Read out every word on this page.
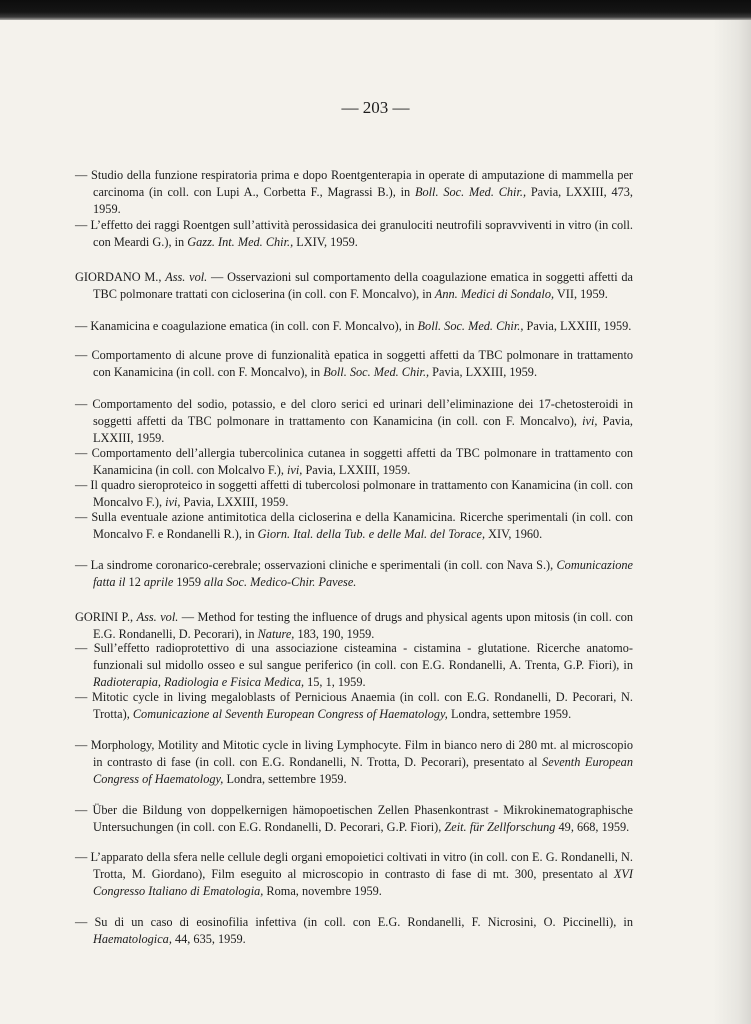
— 203 —

— Studio della funzione respiratoria prima e dopo Roentgenterapia in operate di amputazione di mammella per carcinoma (in coll. con Lupi A., Corbetta F., Magrassi B.), in Boll. Soc. Med. Chir., Pavia, LXXIII, 473, 1959.

— L’effetto dei raggi Roentgen sull’attività perossidasica dei granulociti neutrofili sopravviventi in vitro (in coll. con Meardi G.), in Gazz. Int. Med. Chir., LXIV, 1959.

GIORDANO M., Ass. vol. — Osservazioni sul comportamento della coagulazione ematica in soggetti affetti da TBC polmonare trattati con cicloserina (in coll. con F. Moncalvo), in Ann. Medici di Sondalo, VII, 1959.

— Kanamicina e coagulazione ematica (in coll. con F. Moncalvo), in Boll. Soc. Med. Chir., Pavia, LXXIII, 1959.

— Comportamento di alcune prove di funzionalità epatica in soggetti affetti da TBC polmonare in trattamento con Kanamicina (in coll. con F. Moncalvo), in Boll. Soc. Med. Chir., Pavia, LXXIII, 1959.

— Comportamento del sodio, potassio, e del cloro serici ed urinari dell’eliminazione dei 17-chetosteroidi in soggetti affetti da TBC polmonare in trattamento con Kanamicina (in coll. con F. Moncalvo), ivi, Pavia, LXXIII, 1959.

— Comportamento dell’allergia tubercolinica cutanea in soggetti affetti da TBC polmonare in trattamento con Kanamicina (in coll. con Molcalvo F.), ivi, Pavia, LXXIII, 1959.

— Il quadro sieroproteico in soggetti affetti di tubercolosi polmonare in trattamento con Kanamicina (in coll. con Moncalvo F.), ivi, Pavia, LXXIII, 1959.

— Sulla eventuale azione antimitotica della cicloserina e della Kanamicina. Ricerche sperimentali (in coll. con Moncalvo F. e Rondanelli R.), in Giorn. Ital. della Tub. e delle Mal. del Torace, XIV, 1960.

— La sindrome coronarico-cerebrale; osservazioni cliniche e sperimentali (in coll. con Nava S.), Comunicazione fatta il 12 aprile 1959 alla Soc. Medico-Chir. Pavese.

GORINI P., Ass. vol. — Method for testing the influence of drugs and physical agents upon mitosis (in coll. con E.G. Rondanelli, D. Pecorari), in Nature, 183, 190, 1959.

— Sull’effetto radioprotettivo di una associazione cisteamina - cistamina - glutatione. Ricerche anatomo- funzionali sul midollo osseo e sul sangue periferico (in coll. con E.G. Rondanelli, A. Trenta, G.P. Fiori), in Radioterapia, Radiologia e Fisica Medica, 15, 1, 1959.

— Mitotic cycle in living megaloblasts of Pernicious Anaemia (in coll. con E.G. Rondanelli, D. Pecorari, N. Trotta), Comunicazione al Seventh European Congress of Haematology, Londra, settembre 1959.

— Morphology, Motility and Mitotic cycle in living Lymphocyte. Film in bianco nero di 280 mt. al microscopio in contrasto di fase (in coll. con E.G. Rondanelli, N. Trotta, D. Pecorari), presentato al Seventh European Congress of Haematology, Londra, settembre 1959.

— Über die Bildung von doppelkernigen hämopoetischen Zellen Phasenkontrast - Mikrokinematographische Untersuchungen (in coll. con E.G. Rondanelli, D. Pecorari, G.P. Fiori), Zeit. für Zellforschung 49, 668, 1959.

— L’apparato della sfera nelle cellule degli organi emopoietici coltivati in vitro (in coll. con E. G. Rondanelli, N. Trotta, M. Giordano), Film eseguito al microscopio in contrasto di fase di mt. 300, presentato al XVI Congresso Italiano di Ematologia, Roma, novembre 1959.

— Su di un caso di eosinofilia infettiva (in coll. con E.G. Rondanelli, F. Nicrosini, O. Piccinelli), in Haematologica, 44, 635, 1959.
